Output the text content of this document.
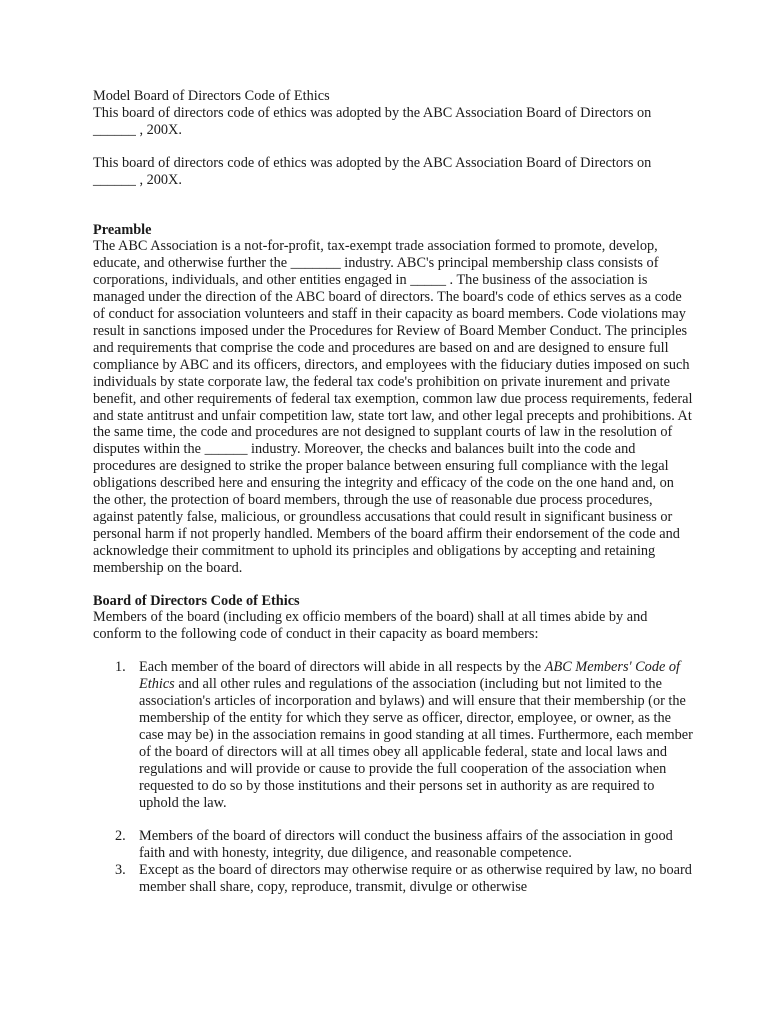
Model Board of Directors Code of Ethics

This board of directors code of ethics was adopted by the ABC Association Board of Directors on ______ , 200X.

This board of directors code of ethics was adopted by the ABC Association Board of Directors on ______ , 200X.

Preamble

The ABC Association is a not-for-profit, tax-exempt trade association formed to promote, develop, educate, and otherwise further the _______ industry. ABC's principal membership class consists of corporations, individuals, and other entities engaged in _____ . The business of the association is managed under the direction of the ABC board of directors. The board's code of ethics serves as a code of conduct for association volunteers and staff in their capacity as board members. Code violations may result in sanctions imposed under the Procedures for Review of Board Member Conduct. The principles and requirements that comprise the code and procedures are based on and are designed to ensure full compliance by ABC and its officers, directors, and employees with the fiduciary duties imposed on such individuals by state corporate law, the federal tax code's prohibition on private inurement and private benefit, and other requirements of federal tax exemption, common law due process requirements, federal and state antitrust and unfair competition law, state tort law, and other legal precepts and prohibitions. At the same time, the code and procedures are not designed to supplant courts of law in the resolution of disputes within the ______ industry. Moreover, the checks and balances built into the code and procedures are designed to strike the proper balance between ensuring full compliance with the legal obligations described here and ensuring the integrity and efficacy of the code on the one hand and, on the other, the protection of board members, through the use of reasonable due process procedures, against patently false, malicious, or groundless accusations that could result in significant business or personal harm if not properly handled. Members of the board affirm their endorsement of the code and acknowledge their commitment to uphold its principles and obligations by accepting and retaining membership on the board.

Board of Directors Code of Ethics

Members of the board (including ex officio members of the board) shall at all times abide by and conform to the following code of conduct in their capacity as board members:

1. Each member of the board of directors will abide in all respects by the ABC Members' Code of Ethics and all other rules and regulations of the association (including but not limited to the association's articles of incorporation and bylaws) and will ensure that their membership (or the membership of the entity for which they serve as officer, director, employee, or owner, as the case may be) in the association remains in good standing at all times. Furthermore, each member of the board of directors will at all times obey all applicable federal, state and local laws and regulations and will provide or cause to provide the full cooperation of the association when requested to do so by those institutions and their persons set in authority as are required to uphold the law.
2. Members of the board of directors will conduct the business affairs of the association in good faith and with honesty, integrity, due diligence, and reasonable competence.
3. Except as the board of directors may otherwise require or as otherwise required by law, no board member shall share, copy, reproduce, transmit, divulge or otherwise
